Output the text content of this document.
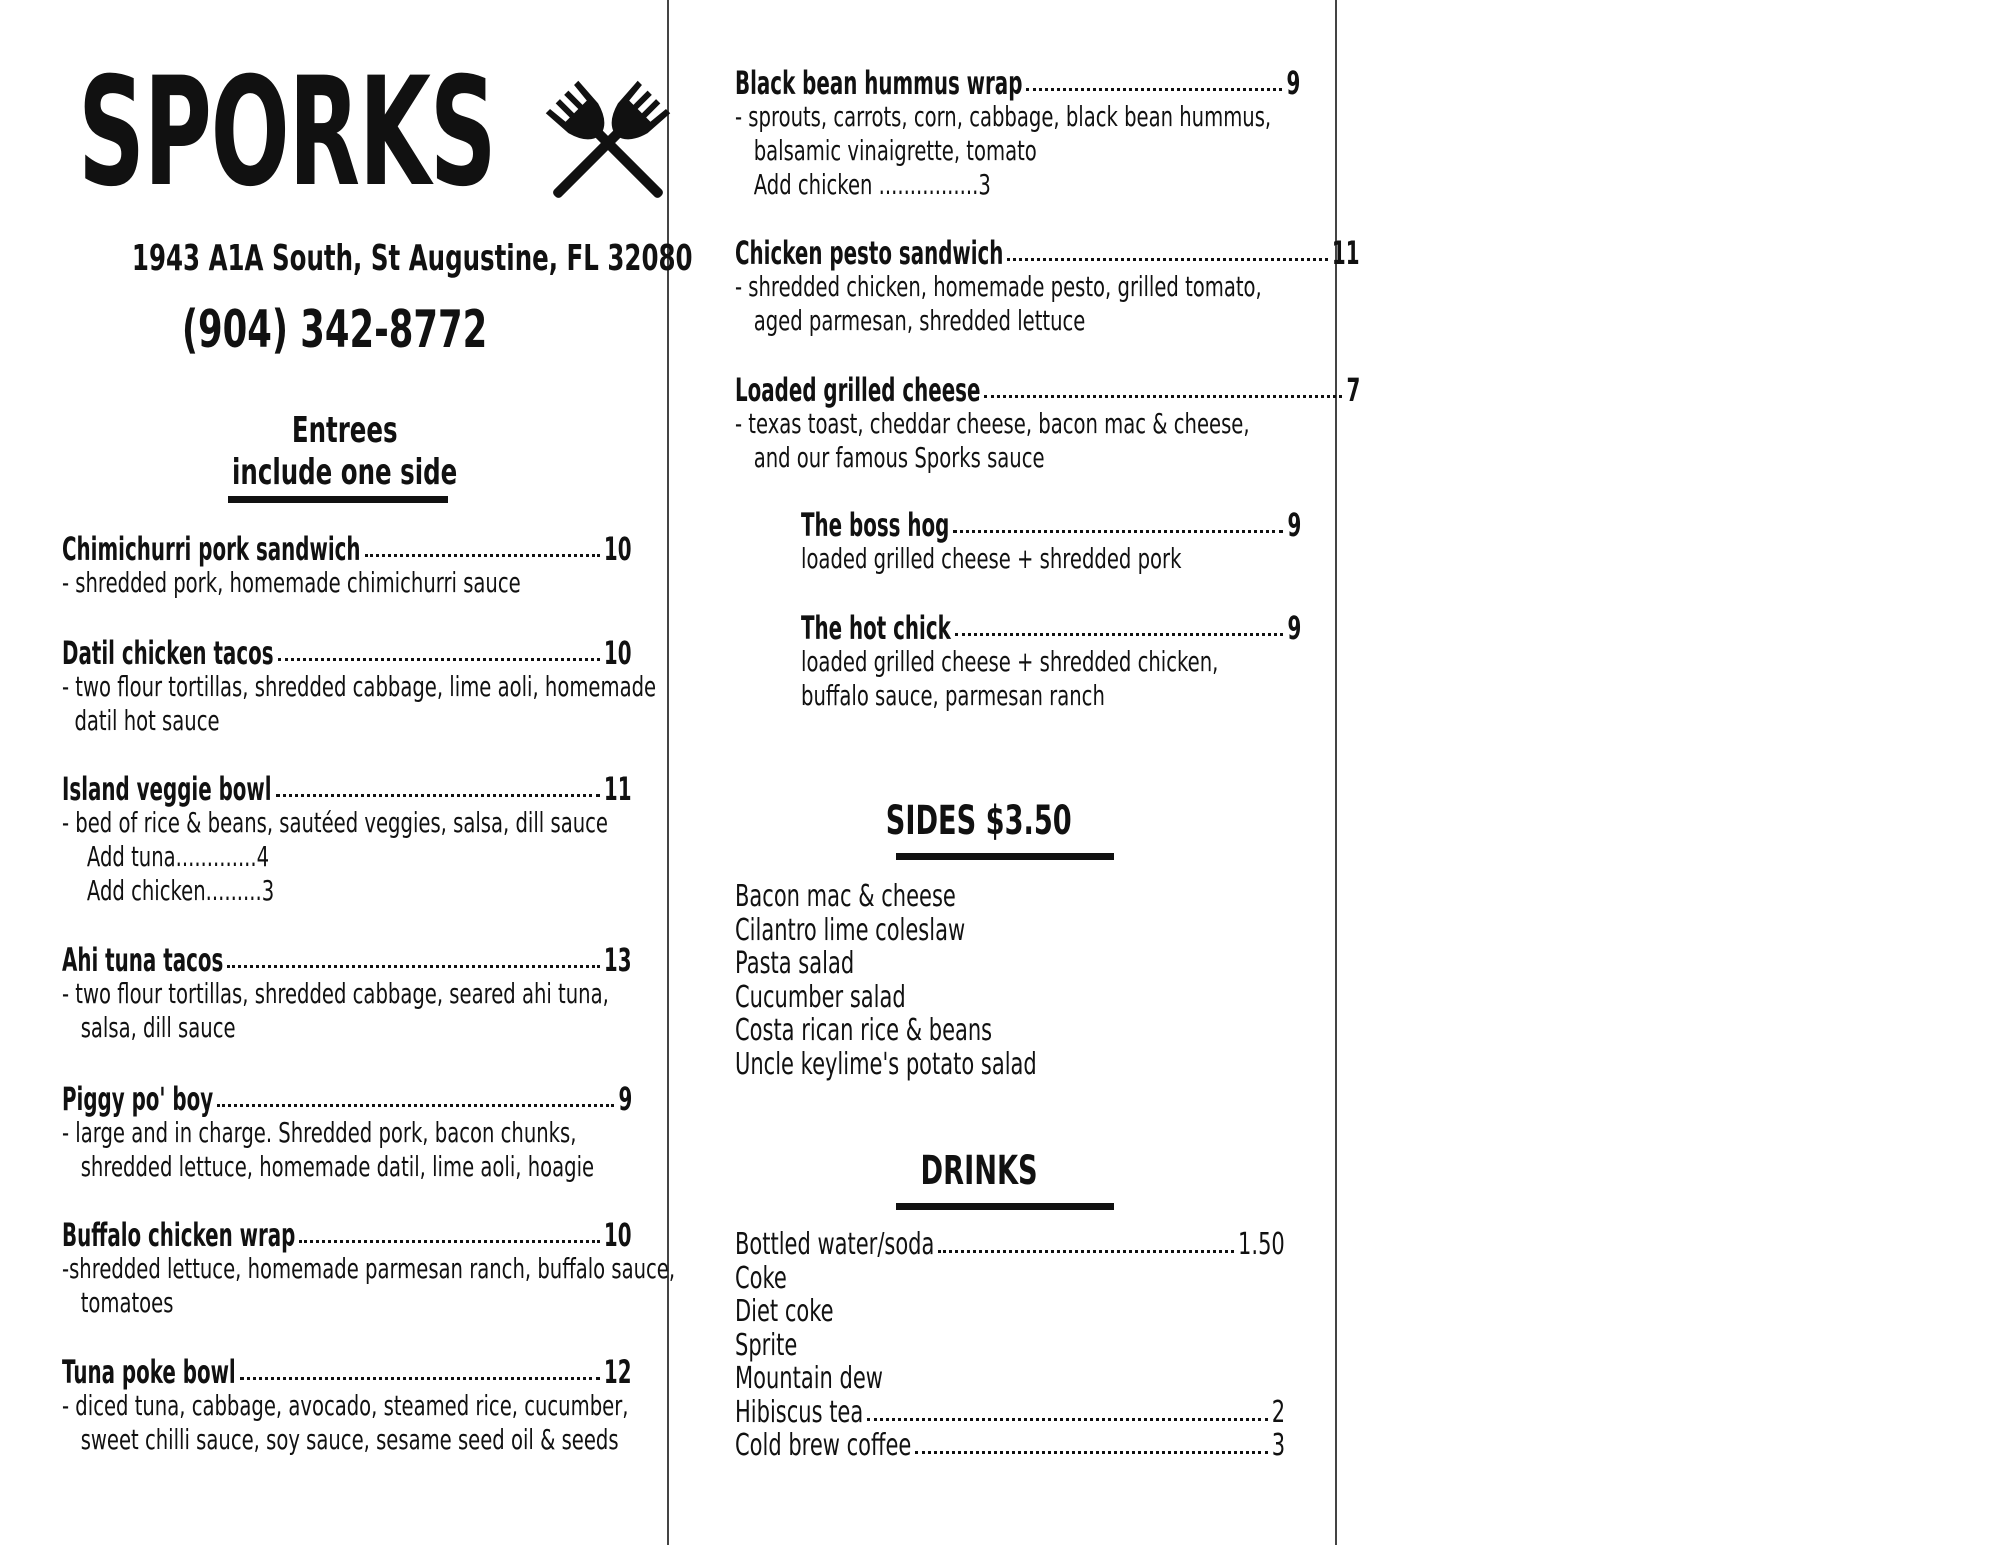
SPORKS
1943 A1A South, St Augustine, FL 32080
(904) 342-8772
Entrees
include one side
Chimichurri pork sandwich	10
- shredded pork, homemade chimichurri sauce
Datil chicken tacos	10
- two flour tortillas, shredded cabbage, lime aoli, homemade
datil hot sauce
Island veggie bowl	11
- bed of rice & beans, sautéed veggies, salsa, dill sauce
Add tuna.............4
Add chicken.........3
Ahi tuna tacos	13
- two flour tortillas, shredded cabbage, seared ahi tuna,
salsa, dill sauce
Piggy po' boy	9
- large and in charge. Shredded pork, bacon chunks,
shredded lettuce, homemade datil, lime aoli, hoagie
Buffalo chicken wrap	10
-shredded lettuce, homemade parmesan ranch, buffalo sauce,
tomatoes
Tuna poke bowl	12
- diced tuna, cabbage, avocado, steamed rice, cucumber,
sweet chilli sauce, soy sauce, sesame seed oil & seeds
Black bean hummus wrap	9
- sprouts, carrots, corn, cabbage, black bean hummus,
balsamic vinaigrette, tomato
Add chicken ................3
Chicken pesto sandwich	11
- shredded chicken, homemade pesto, grilled tomato,
aged parmesan, shredded lettuce
Loaded grilled cheese	7
- texas toast, cheddar cheese, bacon mac & cheese,
and our famous Sporks sauce
The boss hog	9
loaded grilled cheese + shredded pork
The hot chick	9
loaded grilled cheese + shredded chicken,
buffalo sauce, parmesan ranch
SIDES $3.50
Bacon mac & cheese
Cilantro lime coleslaw
Pasta salad
Cucumber salad
Costa rican rice & beans
Uncle keylime's potato salad
DRINKS
Bottled water/soda	1.50
Coke
Diet coke
Sprite
Mountain dew
Hibiscus tea	2
Cold brew coffee	3
